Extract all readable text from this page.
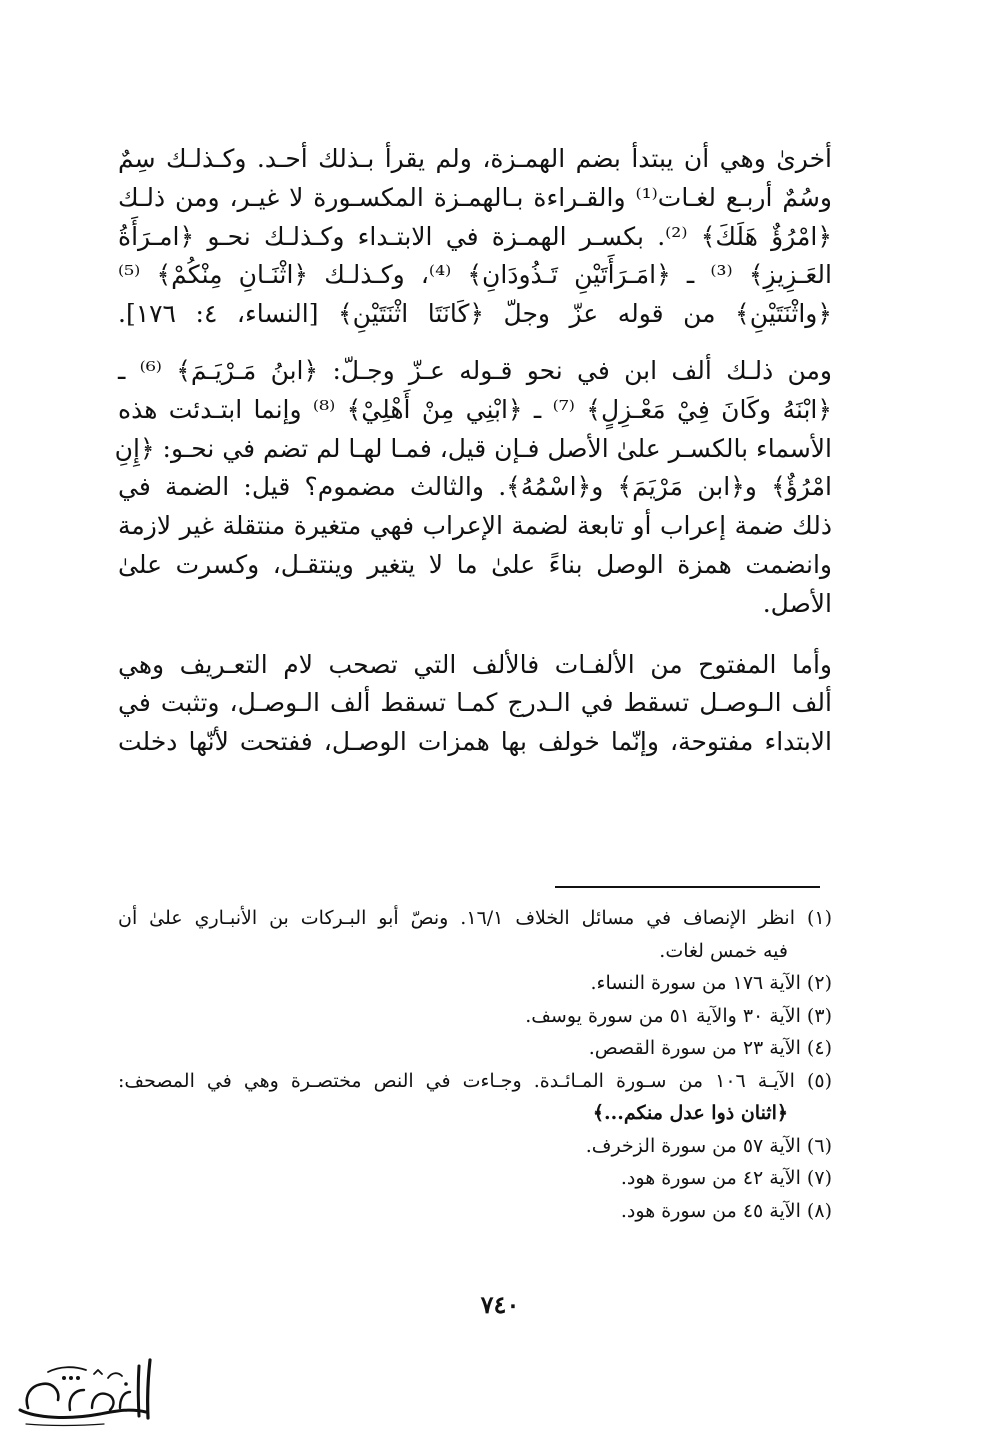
أخرىٰ وهي أن يبتدأ بضم الهمـزة، ولم يقرأ بـذلك أحـد. وكـذلـك سِمٌ
وسُمٌ أربـع لغـات⁽¹⁾ والقـراءة بـالهمـزة المكسـورة لا غيـر، ومن ذلـك
﴿امْرُؤٌ هَلَكَ﴾ ⁽²⁾. بكسـر الهمـزة في الابتـداء وكـذلـك نحـو ﴿امـرَأَةُ
العَـزِيزِ﴾ ⁽³⁾ ـ ﴿امَـرَأَتَيْنِ تَـذُودَانِ﴾ ⁽⁴⁾، وكـذلـك ﴿اثْنَـانِ مِنْكُمْ﴾ ⁽⁵⁾
﴿واثْنَتَيْنِ﴾ من قوله عزّ وجلّ ﴿كَانَتَا اثْنَتَيْنِ﴾ [النساء، ٤: ١٧٦].
ومن ذلـك ألف ابن في نحو قـوله عـزّ وجـلّ: ﴿ابنُ مَـرْيَـمَ﴾ ⁽⁶⁾ ـ
﴿ابْنَهُ وكَانَ فِيْ مَعْـزِلٍ﴾ ⁽⁷⁾ ـ ﴿ابْنِي مِنْ أَهْلِيْ﴾ ⁽⁸⁾ وإنما ابتـدئت هذه
الأسماء بالكسـر علىٰ الأصل فـإن قيل، فمـا لهـا لم تضم في نحـو: ﴿إِنِ
امْرُؤٌ﴾ و﴿ابن مَرْيَمَ﴾ و﴿اسْمُهُ﴾. والثالث مضموم؟ قيل: الضمة في
ذلك ضمة إعراب أو تابعة لضمة الإعراب فهي متغيرة منتقلة غير لازمة
وانضمت همزة الوصل بناءً علىٰ ما لا يتغير وينتقـل، وكسرت علىٰ
الأصل.
وأما المفتوح من الألفـات فالألف التي تصحب لام التعـريف وهي
ألف الـوصـل تسقط في الـدرج كمـا تسقط ألف الـوصـل، وتثبت في
الابتداء مفتوحة، وإنّما خولف بها همزات الوصـل، ففتحت لأنّها دخلت
(١) انظر الإنصاف في مسائل الخلاف ١٦/١. ونصّ أبو البـركات بن الأنبـاري علىٰ أن
فيه خمس لغات.
(٢) الآية ١٧٦ من سورة النساء.
(٣) الآية ٣٠ والآية ٥١ من سورة يوسف.
(٤) الآية ٢٣ من سورة القصص.
(٥) الآيـة ١٠٦ من سـورة المـائـدة. وجـاءت في النص مختصـرة وهي في المصحف:
﴿اثنان ذوا عدل منكم...﴾
(٦) الآية ٥٧ من سورة الزخرف.
(٧) الآية ٤٢ من سورة هود.
(٨) الآية ٤٥ من سورة هود.
٧٤٠
